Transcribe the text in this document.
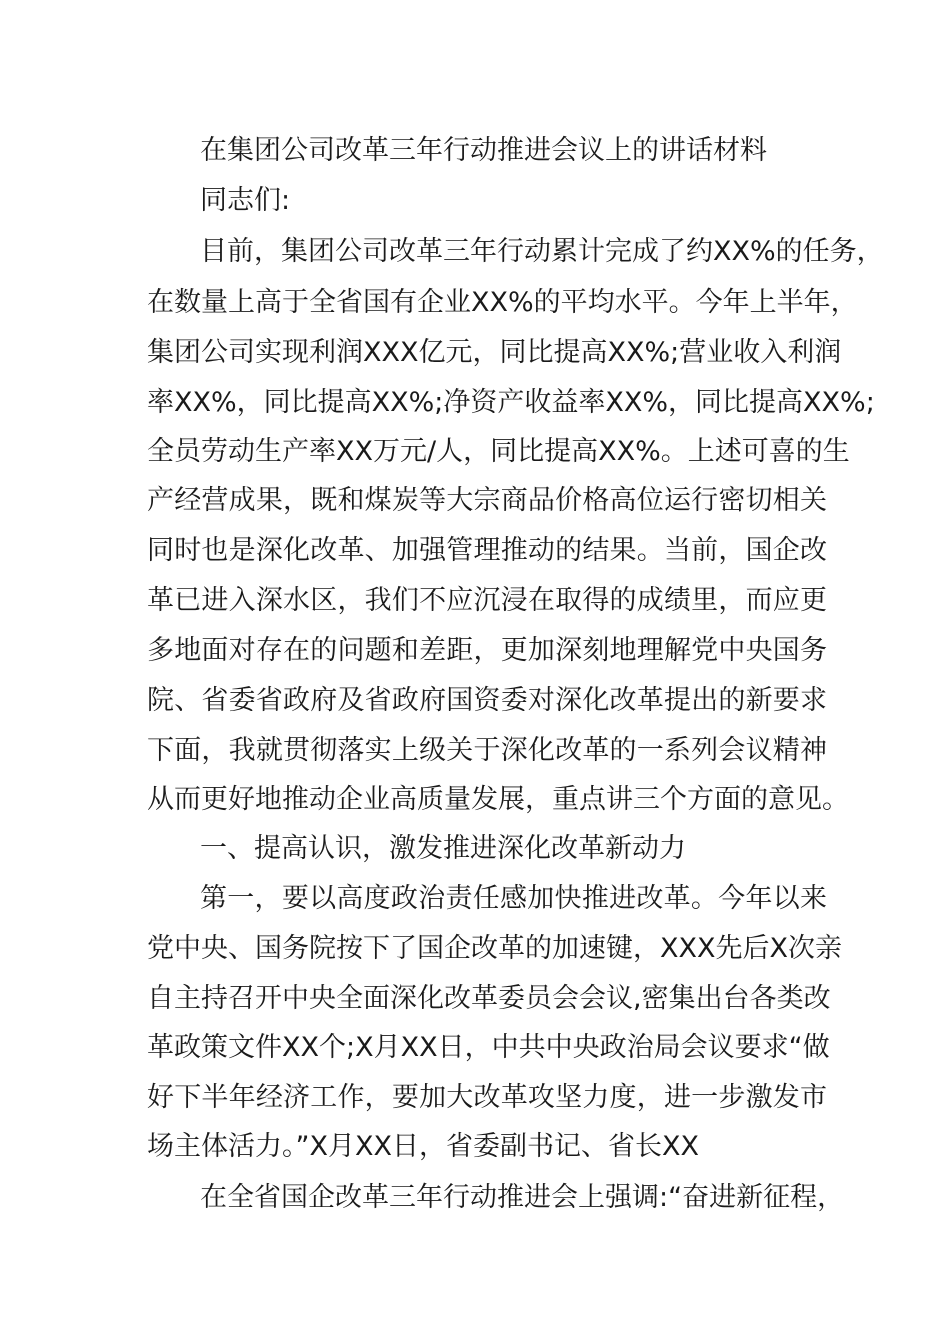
在集团公司改革三年行动推进会议上的讲话材料
同志们:
目前，集团公司改革三年行动累计完成了约XX%的任务，
在数量上高于全省国有企业XX%的平均水平。今年上半年，
集团公司实现利润XXX亿元，同比提高XX%;营业收入利润
率XX%，同比提高XX%;净资产收益率XX%，同比提高XX%;
全员劳动生产率XX万元/人，同比提高XX%。上述可喜的生
产经营成果，既和煤炭等大宗商品价格高位运行密切相关
同时也是深化改革、加强管理推动的结果。当前，国企改
革已进入深水区，我们不应沉浸在取得的成绩里，而应更
多地面对存在的问题和差距，更加深刻地理解党中央国务
院、省委省政府及省政府国资委对深化改革提出的新要求
下面，我就贯彻落实上级关于深化改革的一系列会议精神
从而更好地推动企业高质量发展，重点讲三个方面的意见。
一、提高认识，激发推进深化改革新动力
第一，要以高度政治责任感加快推进改革。今年以来
党中央、国务院按下了国企改革的加速键，XXX先后X次亲
自主持召开中央全面深化改革委员会会议,密集出台各类改
革政策文件XX个;X月XX日，中共中央政治局会议要求“做
好下半年经济工作，要加大改革攻坚力度，进一步激发市
场主体活力。”X月XX日，省委副书记、省长XX
在全省国企改革三年行动推进会上强调:“奋进新征程，
